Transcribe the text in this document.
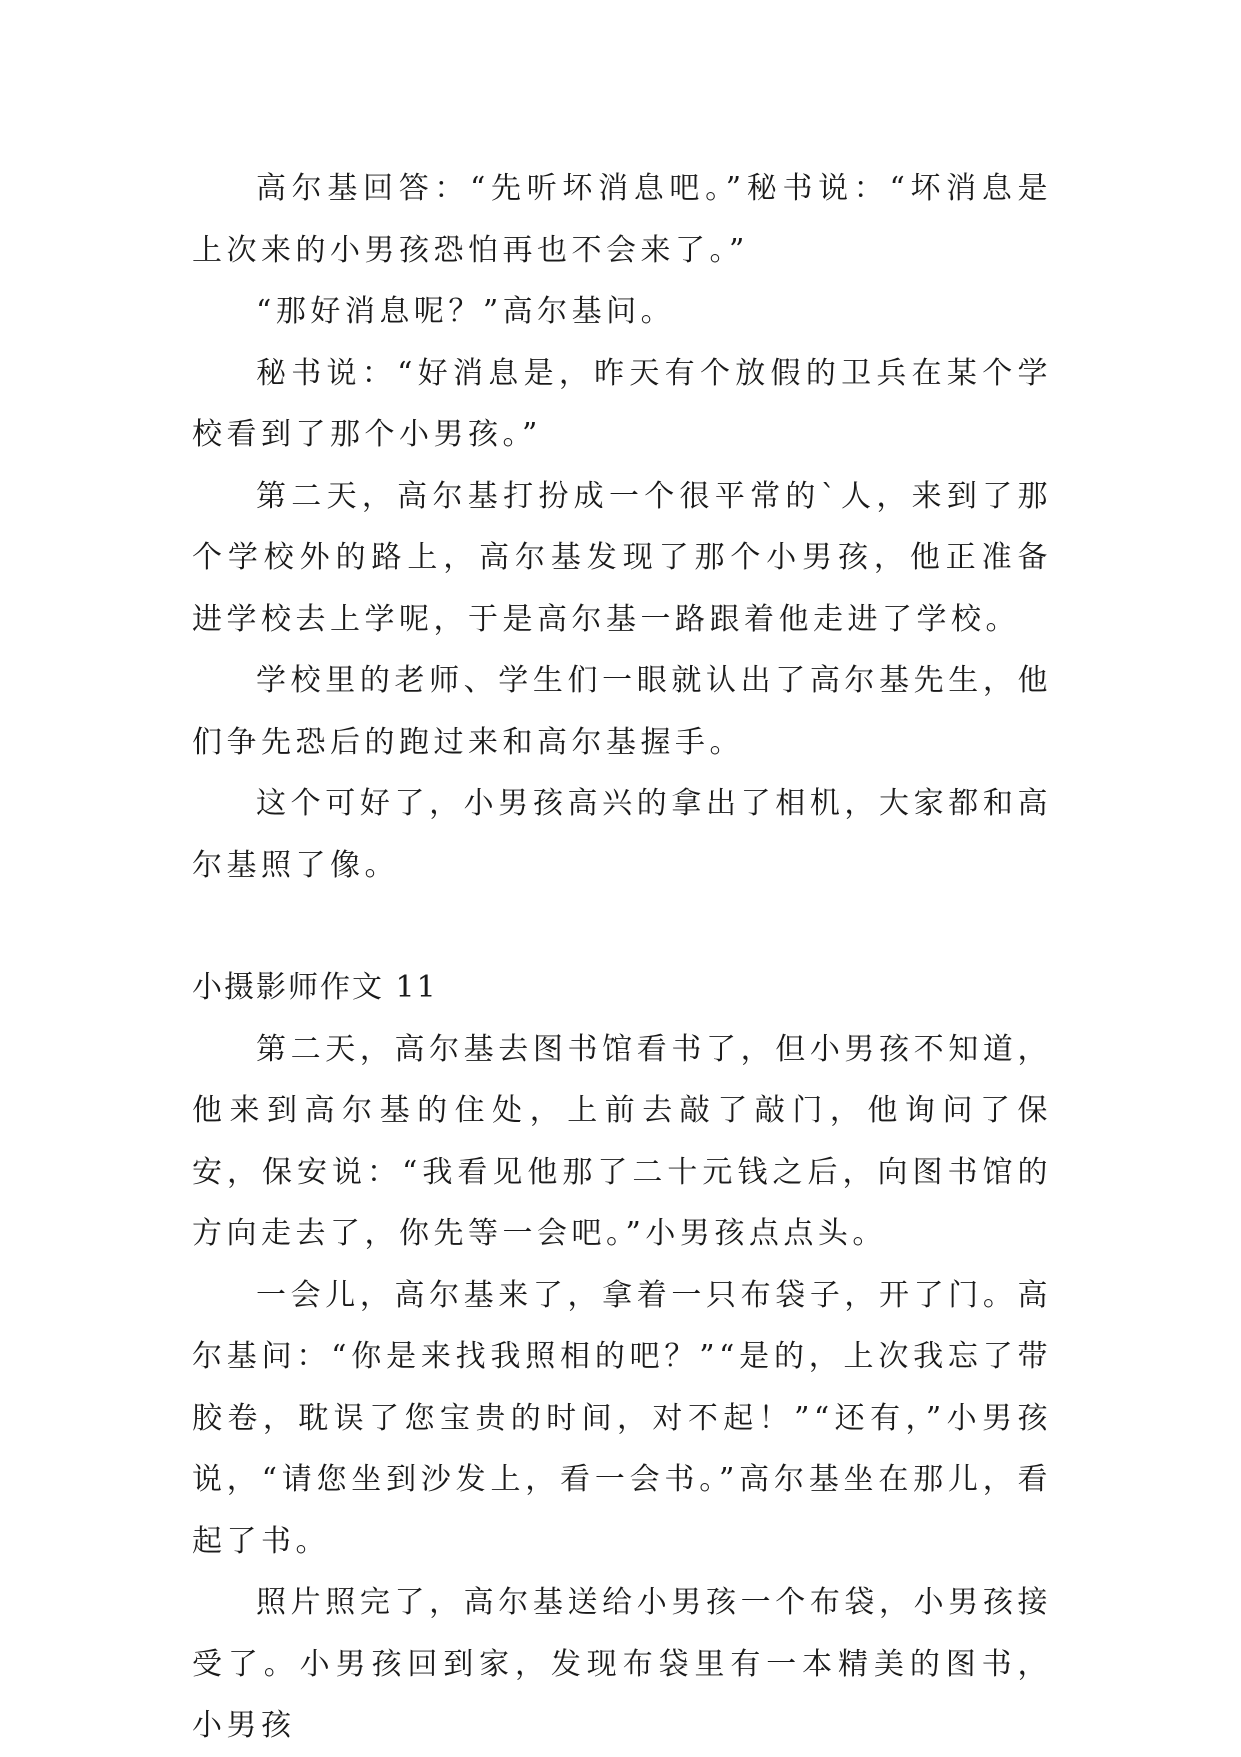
高尔基回答：“先听坏消息吧。”秘书说：“坏消息是上次来的小男孩恐怕再也不会来了。”

“那好消息呢？”高尔基问。

秘书说：“好消息是，昨天有个放假的卫兵在某个学校看到了那个小男孩。”

第二天，高尔基打扮成一个很平常的`人，来到了那个学校外的路上，高尔基发现了那个小男孩，他正准备进学校去上学呢，于是高尔基一路跟着他走进了学校。

学校里的老师、学生们一眼就认出了高尔基先生，他们争先恐后的跑过来和高尔基握手。

这个可好了，小男孩高兴的拿出了相机，大家都和高尔基照了像。

小摄影师作文 11

第二天，高尔基去图书馆看书了，但小男孩不知道，他来到高尔基的住处，上前去敲了敲门，他询问了保安，保安说：“我看见他那了二十元钱之后，向图书馆的方向走去了，你先等一会吧。”小男孩点点头。

一会儿，高尔基来了，拿着一只布袋子，开了门。高尔基问：“你是来找我照相的吧？”“是的，上次我忘了带胶卷，耽误了您宝贵的时间，对不起！”“还有，”小男孩说，“请您坐到沙发上，看一会书。”高尔基坐在那儿，看起了书。

照片照完了，高尔基送给小男孩一个布袋，小男孩接受了。小男孩回到家，发现布袋里有一本精美的图书，小男孩
